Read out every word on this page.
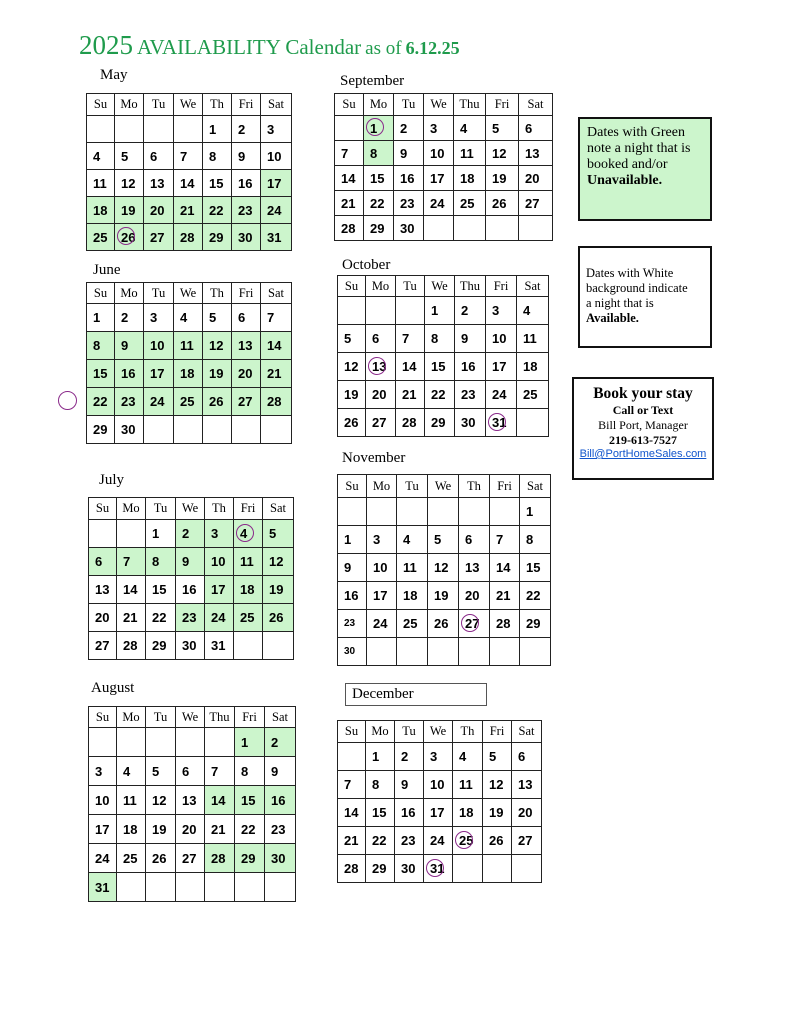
2025 AVAILABILITY Calendar as of 6.12.25
May
Su	Mo	Tu	We	Th	Fri	Sat
				1	2	3
4	5	6	7	8	9	10
11	12	13	14	15	16	17
18	19	20	21	22	23	24
25	26	27	28	29	30	31
June
Su	Mo	Tu	We	Th	Fri	Sat
1	2	3	4	5	6	7
8	9	10	11	12	13	14
15	16	17	18	19	20	21
22	23	24	25	26	27	28
29	30					
July
Su	Mo	Tu	We	Th	Fri	Sat
		1	2	3	4	5
6	7	8	9	10	11	12
13	14	15	16	17	18	19
20	21	22	23	24	25	26
27	28	29	30	31		
August
Su	Mo	Tu	We	Thu	Fri	Sat
					1	2
3	4	5	6	7	8	9
10	11	12	13	14	15	16
17	18	19	20	21	22	23
24	25	26	27	28	29	30
31						
September
Su	Mo	Tu	We	Thu	Fri	Sat
	1	2	3	4	5	6
7	8	9	10	11	12	13
14	15	16	17	18	19	20
21	22	23	24	25	26	27
28	29	30				
October
Su	Mo	Tu	We	Thu	Fri	Sat
			1	2	3	4
5	6	7	8	9	10	11
12	13	14	15	16	17	18
19	20	21	22	23	24	25
26	27	28	29	30	31

November
Su	Mo	Tu	We	Th	Fri	Sat
						1
1	3	4	5	6	7	8
9	10	11	12	13	14	15
16	17	18	19	20	21	22
23	24	25	26	27	28	29
30						
December
Su	Mo	Tu	We	Th	Fri	Sat
	1	2	3	4	5	6
7	8	9	10	11	12	13
14	15	16	17	18	19	20
21	22	23	24	25	26	27
28	29	30	31

Dates with Green
note a night that is
booked and/or
Unavailable.
Dates with White
background indicate
a night that is
Available.
Book your stay
Call or Text
Bill Port, Manager
219-613-7527
Bill@PortHomeSales.com
